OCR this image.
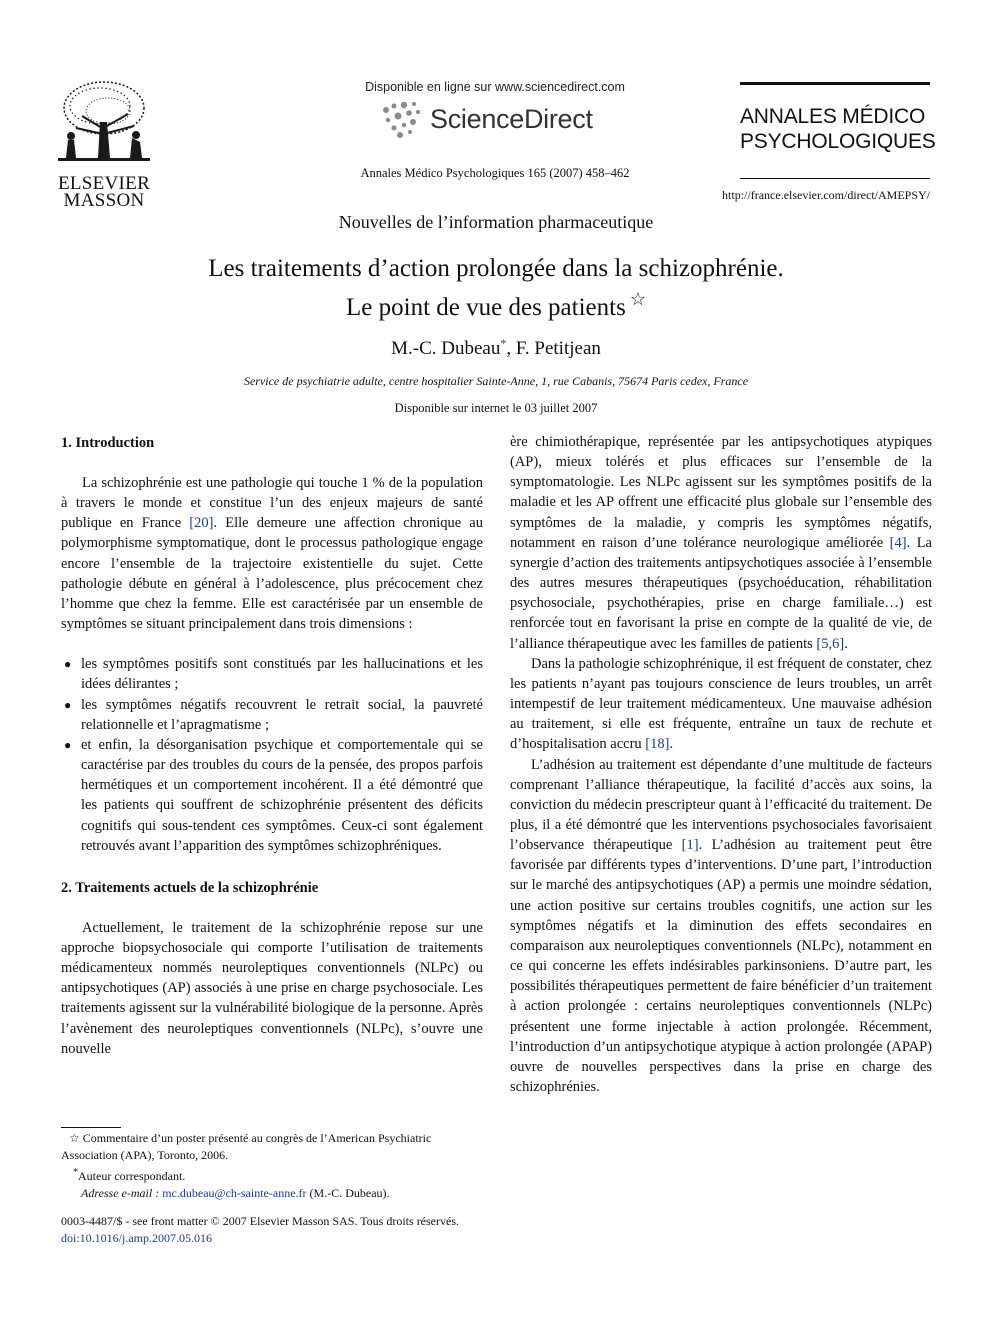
ELSEVIER
MASSON
Disponible en ligne sur www.sciencedirect.com
ScienceDirect
Annales Médico Psychologiques 165 (2007) 458–462
ANNALES MÉDICO
PSYCHOLOGIQUES
http://france.elsevier.com/direct/AMEPSY/
Nouvelles de l’information pharmaceutique
Les traitements d’action prolongée dans la schizophrénie.
Le point de vue des patients ☆
M.-C. Dubeau*, F. Petitjean
Service de psychiatrie adulte, centre hospitalier Sainte-Anne, 1, rue Cabanis, 75674 Paris cedex, France
Disponible sur internet le 03 juillet 2007
1. Introduction

La schizophrénie est une pathologie qui touche 1 % de la population à travers le monde et constitue l’un des enjeux majeurs de santé publique en France [20]. Elle demeure une affection chronique au polymorphisme symptomatique, dont le processus pathologique engage encore l’ensemble de la trajectoire existentielle du sujet. Cette pathologie débute en général à l’adolescence, plus précocement chez l’homme que chez la femme. Elle est caractérisée par un ensemble de symptômes se situant principalement dans trois dimensions :

● les symptômes positifs sont constitués par les hallucinations et les idées délirantes ;
● les symptômes négatifs recouvrent le retrait social, la pauvreté relationnelle et l’apragmatisme ;
● et enfin, la désorganisation psychique et comportementale qui se caractérise par des troubles du cours de la pensée, des propos parfois hermétiques et un comportement incohérent. Il a été démontré que les patients qui souffrent de schizophrénie présentent des déficits cognitifs qui sous-tendent ces symptômes. Ceux-ci sont également retrouvés avant l’apparition des symptômes schizophréniques.
2. Traitements actuels de la schizophrénie

Actuellement, le traitement de la schizophrénie repose sur une approche biopsychosociale qui comporte l’utilisation de traitements médicamenteux nommés neuroleptiques conventionnels (NLPc) ou antipsychotiques (AP) associés à une prise en charge psychosociale. Les traitements agissent sur la vulnérabilité biologique de la personne. Après l’avènement des neuroleptiques conventionnels (NLPc), s’ouvre une nouvelle

ère chimiothérapique, représentée par les antipsychotiques atypiques (AP), mieux tolérés et plus efficaces sur l’ensemble de la symptomatologie. Les NLPc agissent sur les symptômes positifs de la maladie et les AP offrent une efficacité plus globale sur l’ensemble des symptômes de la maladie, y compris les symptômes négatifs, notamment en raison d’une tolérance neurologique améliorée [4]. La synergie d’action des traitements antipsychotiques associée à l’ensemble des autres mesures thérapeutiques (psychoéducation, réhabilitation psychosociale, psychothérapies, prise en charge familiale…) est renforcée tout en favorisant la prise en compte de la qualité de vie, de l’alliance thérapeutique avec les familles de patients [5,6].

Dans la pathologie schizophrénique, il est fréquent de constater, chez les patients n’ayant pas toujours conscience de leurs troubles, un arrêt intempestif de leur traitement médicamenteux. Une mauvaise adhésion au traitement, si elle est fréquente, entraîne un taux de rechute et d’hospitalisation accru [18].

L’adhésion au traitement est dépendante d’une multitude de facteurs comprenant l’alliance thérapeutique, la facilité d’accès aux soins, la conviction du médecin prescripteur quant à l’efficacité du traitement. De plus, il a été démontré que les interventions psychosociales favorisaient l’observance thérapeutique [1]. L’adhésion au traitement peut être favorisée par différents types d’interventions. D’une part, l’introduction sur le marché des antipsychotiques (AP) a permis une moindre sédation, une action positive sur certains troubles cognitifs, une action sur les symptômes négatifs et la diminution des effets secondaires en comparaison aux neuroleptiques conventionnels (NLPc), notamment en ce qui concerne les effets indésirables parkinsoniens. D’autre part, les possibilités thérapeutiques permettent de faire bénéficier d’un traitement à action prolongée : certains neuroleptiques conventionnels (NLPc) présentent une forme injectable à action prolongée. Récemment, l’introduction d’un antipsychotique atypique à action prolongée (APAP) ouvre de nouvelles perspectives dans la prise en charge des schizophrénies.

☆ Commentaire d’un poster présenté au congrès de l’American Psychiatric Association (APA), Toronto, 2006.

*Auteur correspondant.

Adresse e-mail : mc.dubeau@ch-sainte-anne.fr (M.-C. Dubeau).

0003-4487/$ - see front matter © 2007 Elsevier Masson SAS. Tous droits réservés.

doi:10.1016/j.amp.2007.05.016
